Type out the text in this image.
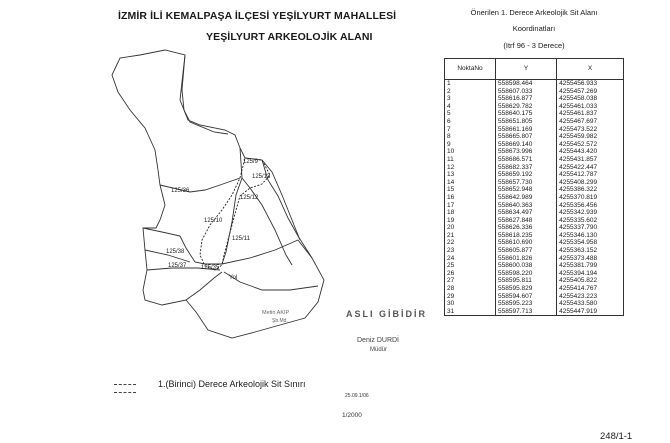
İZMİR İLİ KEMALPAŞA İLÇESİ YEŞİLYURT MAHALLESİ
YEŞİLYURT ARKEOLOJİK ALANI
125/9
125/13
125/36
125/12
125/10
125/11
125/38
125/37 125/35
Yol
Önerilen 1. Derece Arkeolojik Sit Alanı
Koordinatları
(Itrf 96 - 3 Derece)
NoktaNo	Y	X
1	558598.464	4255456.933
2	558607.033	4255457.269
3	558616.877	4255458.038
4	558629.782	4255461.033
5	558640.175	4255461.837
6	558651.805	4255467.697
7	558661.169	4255473.522
8	558665.807	4255459.982
9	558669.140	4255452.572
10	558673.996	4255443.420
11	558686.571	4255431.857
12	558682.337	4255422.447
13	558659.192	4255412.787
14	558657.730	4255408.299
15	558652.948	4255386.322
16	558642.989	4255370.819
17	558640.363	4255356.456
18	558634.497	4255342.939
19	558627.848	4255335.602
20	558626.336	4255337.790
21	558618.235	4255346.130
22	558610.690	4255354.958
23	558605.877	4255363.152
24	558601.826	4255373.488
25	558600.038	4255381.799
26	558598.220	4255394.194
27	558595.811	4255405.822
28	558595.829	4255414.767
29	558594.607	4255423.223
30	558595.223	4255433.580
31	558597.713	4255447.919

Metin AKIP
Şb.Md.
ASLI GİBİDİR
Deniz DURDİ
Müdür
1.(Birinci) Derece Arkeolojik Sit Sınırı
25.09.1/06
1/2000
248/1-1
